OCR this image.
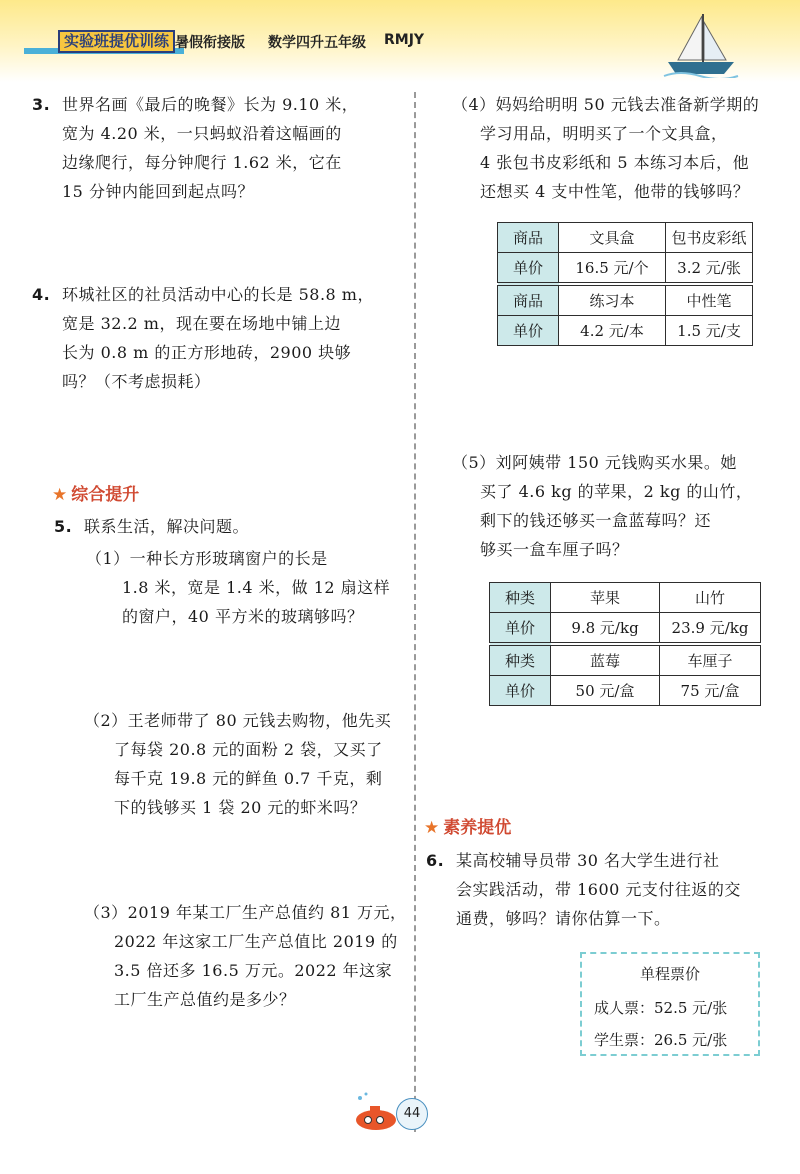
实验班提优训练 暑假衔接版 数学四升五年级 RMJY
3. 世界名画《最后的晚餐》长为 9.10 米，
宽为 4.20 米，一只蚂蚁沿着这幅画的
边缘爬行，每分钟爬行 1.62 米，它在
15 分钟内能回到起点吗？
4. 环城社区的社员活动中心的长是 58.8 m，
宽是 32.2 m，现在要在场地中铺上边
长为 0.8 m 的正方形地砖，2900 块够
吗？（不考虑损耗）
★ 综合提升
5. 联系生活，解决问题。
（1）一种长方形玻璃窗户的长是
1.8 米，宽是 1.4 米，做 12 扇这样
的窗户，40 平方米的玻璃够吗？
（2）王老师带了 80 元钱去购物，他先买
了每袋 20.8 元的面粉 2 袋，又买了
每千克 19.8 元的鲜鱼 0.7 千克，剩
下的钱够买 1 袋 20 元的虾米吗？
（3）2019 年某工厂生产总值约 81 万元，
2022 年这家工厂生产总值比 2019 的
3.5 倍还多 16.5 万元。2022 年这家
工厂生产总值约是多少？
（4）妈妈给明明 50 元钱去准备新学期的
学习用品，明明买了一个文具盒，
4 张包书皮彩纸和 5 本练习本后，他
还想买 4 支中性笔，他带的钱够吗？
商品	文具盒	包书皮彩纸
单价	16.5 元/个	3.2 元/张
商品	练习本	中性笔
单价	4.2 元/本	1.5 元/支
（5）刘阿姨带 150 元钱购买水果。她
买了 4.6 kg 的苹果，2 kg 的山竹，
剩下的钱还够买一盒蓝莓吗？还
够买一盒车厘子吗？
种类	苹果	山竹
单价	9.8 元/kg	23.9 元/kg
种类	蓝莓	车厘子
单价	50 元/盒	75 元/盒
★ 素养提优
6. 某高校辅导员带 30 名大学生进行社
会实践活动，带 1600 元支付往返的交
通费，够吗？请你估算一下。
单程票价
成人票：52.5 元/张
学生票：26.5 元/张
44
